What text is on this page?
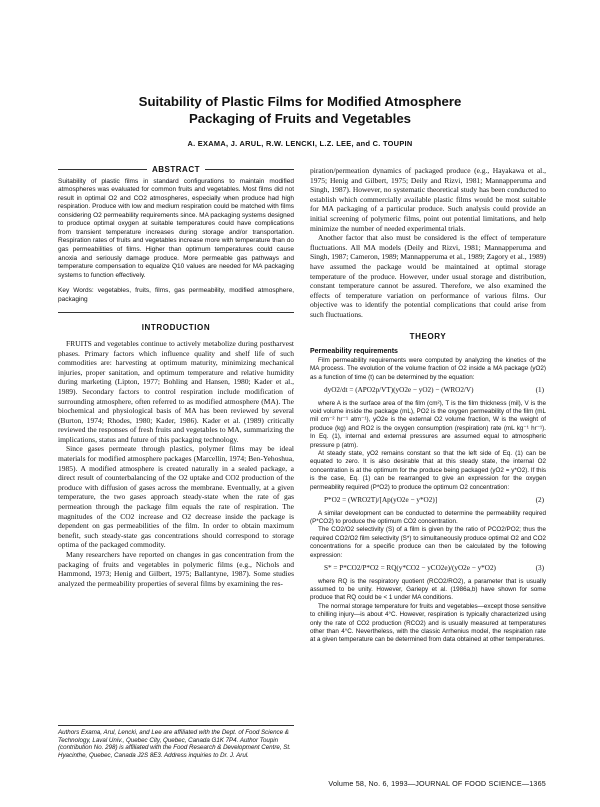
Suitability of Plastic Films for Modified Atmosphere
Packaging of Fruits and Vegetables
A. EXAMA, J. ARUL, R.W. LENCKI, L.Z. LEE, and C. TOUPIN
ABSTRACT
Suitability of plastic films in standard configurations to maintain modified atmospheres was evaluated for common fruits and vegetables. Most films did not result in optimal O2 and CO2 atmospheres, especially when produce had high respiration. Produce with low and medium respiration could be matched with films considering O2 permeability requirements since. MA packaging systems designed to produce optimal oxygen at suitable temperatures could have complications from transient temperature increases during storage and/or transportation. Respiration rates of fruits and vegetables increase more with temperature than do gas permeabilities of films. Higher than optimum temperatures could cause anoxia and seriously damage produce. More permeable gas pathways and temperature compensation to equalize Q10 values are needed for MA packaging systems to function effectively.
Key Words: vegetables, fruits, films, gas permeability, modified atmosphere, packaging
INTRODUCTION

FRUITS and vegetables continue to actively metabolize during postharvest phases. Primary factors which influence quality and shelf life of such commodities are: harvesting at optimum maturity, minimizing mechanical injuries, proper sanitation, and optimum temperature and relative humidity during marketing (Lipton, 1977; Bohling and Hansen, 1980; Kader et al., 1989). Secondary factors to control respiration include modification of surrounding atmosphere, often referred to as modified atmosphere (MA). The biochemical and physiological basis of MA has been reviewed by several (Burton, 1974; Rhodes, 1980; Kader, 1986). Kader et al. (1989) critically reviewed the responses of fresh fruits and vegetables to MA, summarizing the implications, status and future of this packaging technology.

Since gases permeate through plastics, polymer films may be ideal materials for modified atmosphere packages (Marcellin, 1974; Ben-Yehoshua, 1985). A modified atmosphere is created naturally in a sealed package, a direct result of counterbalancing of the O2 uptake and CO2 production of the produce with diffusion of gases across the membrane. Eventually, at a given temperature, the two gases approach steady-state when the rate of gas permeation through the package film equals the rate of respiration. The magnitudes of the CO2 increase and O2 decrease inside the package is dependent on gas permeabilities of the film. In order to obtain maximum benefit, such steady-state gas concentrations should correspond to storage optima of the packaged commodity.

Many researchers have reported on changes in gas concentration from the packaging of fruits and vegetables in polymeric films (e.g., Nichols and Hammond, 1973; Henig and Gilbert, 1975; Ballantyne, 1987). Some studies analyzed the permeability properties of several films by examining the res-

Authors Exama, Arul, Lencki, and Lee are affiliated with the Dept. of Food Science & Technology, Laval Univ., Quebec City, Quebec, Canada G1K 7P4. Author Toupin (contribution No. 298) is affiliated with the Food Research & Development Centre, St. Hyacinthe, Quebec, Canada J2S 8E3. Address inquiries to Dr. J. Arul.

piration/permeation dynamics of packaged produce (e.g., Hayakawa et al., 1975; Henig and Gilbert, 1975; Deily and Rizvi, 1981; Mannapperuma and Singh, 1987). However, no systematic theoretical study has been conducted to establish which commercially available plastic films would be most suitable for MA packaging of a particular produce. Such analysis could provide an initial screening of polymeric films, point out potential limitations, and help minimize the number of needed experimental trials.

Another factor that also must be considered is the effect of temperature fluctuations. All MA models (Deily and Rizvi, 1981; Mannapperuma and Singh, 1987; Cameron, 1989; Mannapperuma et al., 1989; Zagory et al., 1989) have assumed the package would be maintained at optimal storage temperature of the produce. However, under usual storage and distribution, constant temperature cannot be assured. Therefore, we also examined the effects of temperature variation on performance of various films. Our objective was to identify the potential complications that could arise from such fluctuations.

THEORY
Permeability requirements

Film permeability requirements were computed by analyzing the kinetics of the MA process. The evolution of the volume fraction of O2 inside a MA package (yO2) as a function of time (t) can be determined by the equation:

dyO2/dt = (APO2p/VT)(yO2e − yO2) − (WRO2/V)	(1)

where A is the surface area of the film (cm²), T is the film thickness (mil), V is the void volume inside the package (mL), PO2 is the oxygen permeability of the film (mL mil cm⁻² hr⁻¹ atm⁻¹), yO2e is the external O2 volume fraction, W is the weight of produce (kg) and RO2 is the oxygen consumption (respiration) rate (mL kg⁻¹ hr⁻¹). In Eq. (1), internal and external pressures are assumed equal to atmospheric pressure p (atm).

At steady state, yO2 remains constant so that the left side of Eq. (1) can be equated to zero. It is also desirable that at this steady state, the internal O2 concentration is at the optimum for the produce being packaged (yO2 = y*O2). If this is the case, Eq. (1) can be rearranged to give an expression for the oxygen permeability required (P*O2) to produce the optimum O2 concentration:

P*O2 = (WRO2T)/[Ap(yO2e − y*O2)]	(2)

A similar development can be conducted to determine the permeability required (P*CO2) to produce the optimum CO2 concentration.

The CO2/O2 selectivity (S) of a film is given by the ratio of PCO2/PO2; thus the required CO2/O2 film selectivity (S*) to simultaneously produce optimal O2 and CO2 concentrations for a specific produce can then be calculated by the following expression:

S* = P*CO2/P*O2 = RQ(y*CO2 − yCO2e)/(yO2e − y*O2)	(3)

where RQ is the respiratory quotient (RCO2/RO2), a parameter that is usually assumed to be unity. However, Gariepy et al. (1986a,b) have shown for some produce that RQ could be < 1 under MA conditions.

The normal storage temperature for fruits and vegetables—except those sensitive to chilling injury—is about 4°C. However, respiration is typically characterized using only the rate of CO2 production (RCO2) and is usually measured at temperatures other than 4°C. Nevertheless, with the classic Arrhenius model, the respiration rate at a given temperature can be determined from data obtained at other temperatures.

Volume 58, No. 6, 1993—JOURNAL OF FOOD SCIENCE—1365
